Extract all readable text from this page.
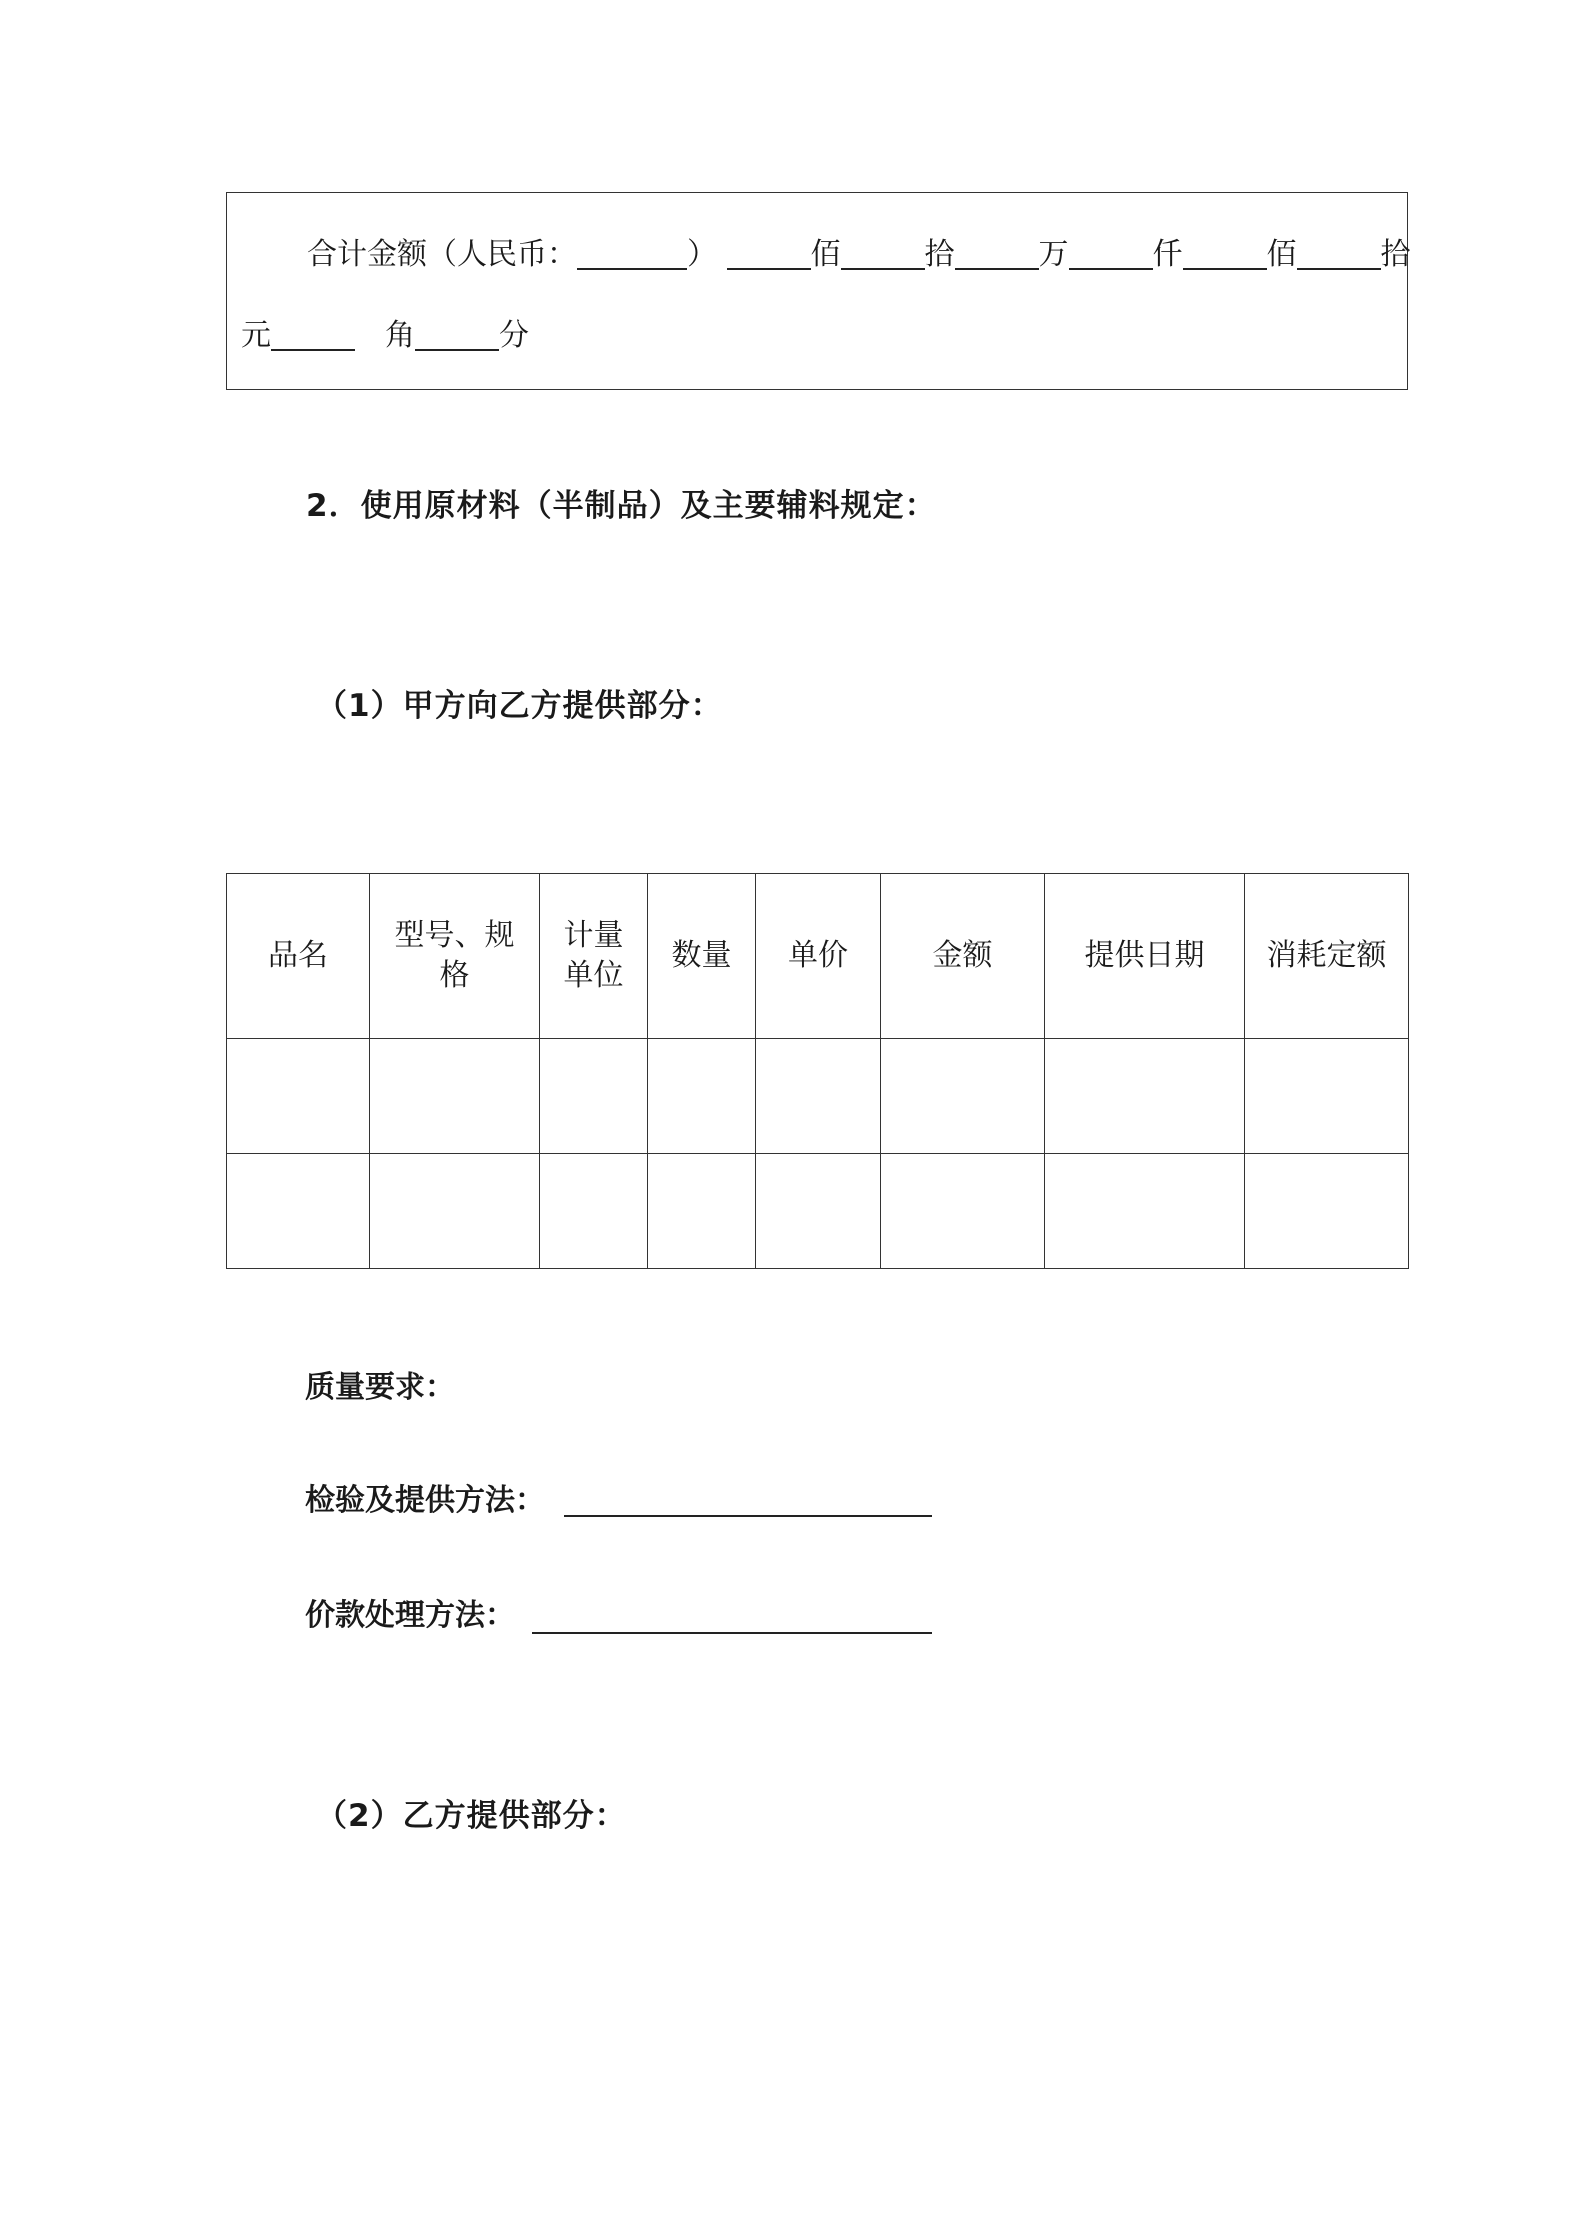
合计金额（人民币：	）	佰	拾	万	仟	佰	拾
元	角	分
2．使用原材料（半制品）及主要辅料规定：
（1）甲方向乙方提供部分：
品名	型号、规格	计量单位	数量	单价	金额	提供日期	消耗定额

质量要求：
检验及提供方法：
价款处理方法：
（2）乙方提供部分：
